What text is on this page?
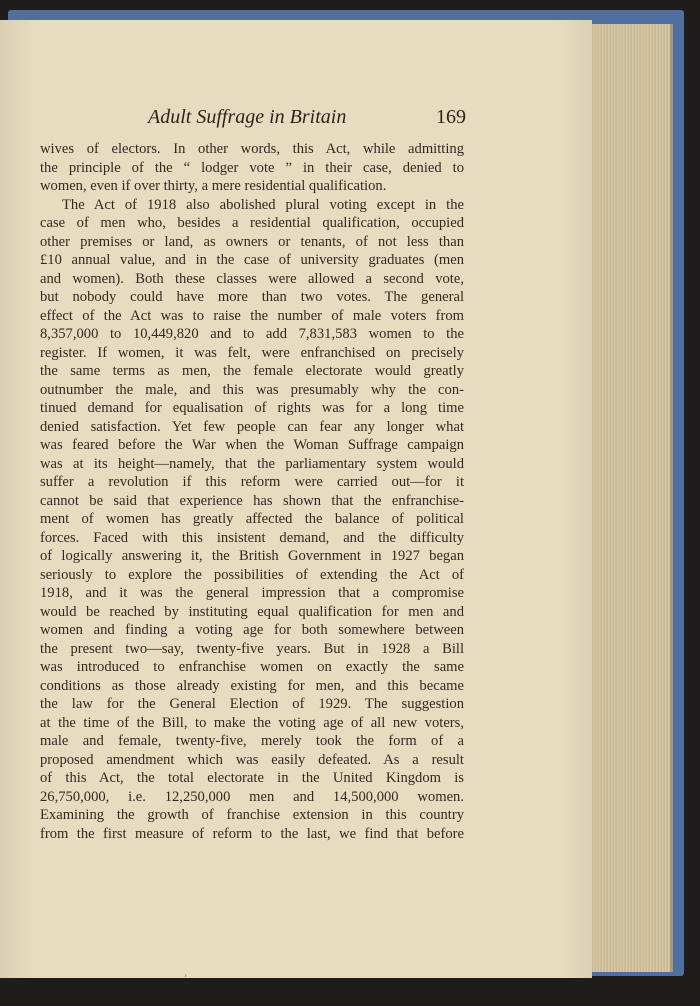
Adult Suffrage in Britain	169
wives of electors. In other words, this Act, while admitting
the principle of the “ lodger vote ” in their case, denied to
women, even if over thirty, a mere residential qualification.
The Act of 1918 also abolished plural voting except in the
case of men who, besides a residential qualification, occupied
other premises or land, as owners or tenants, of not less than
£10 annual value, and in the case of university graduates (men
and women). Both these classes were allowed a second vote,
but nobody could have more than two votes. The general
effect of the Act was to raise the number of male voters from
8,357,000 to 10,449,820 and to add 7,831,583 women to the
register. If women, it was felt, were enfranchised on precisely
the same terms as men, the female electorate would greatly
outnumber the male, and this was presumably why the con-
tinued demand for equalisation of rights was for a long time
denied satisfaction. Yet few people can fear any longer what
was feared before the War when the Woman Suffrage campaign
was at its height—namely, that the parliamentary system would
suffer a revolution if this reform were carried out—for it
cannot be said that experience has shown that the enfranchise-
ment of women has greatly affected the balance of political
forces. Faced with this insistent demand, and the difficulty
of logically answering it, the British Government in 1927 began
seriously to explore the possibilities of extending the Act of
1918, and it was the general impression that a compromise
would be reached by instituting equal qualification for men and
women and finding a voting age for both somewhere between
the present two—say, twenty-five years. But in 1928 a Bill
was introduced to enfranchise women on exactly the same
conditions as those already existing for men, and this became
the law for the General Election of 1929. The suggestion
at the time of the Bill, to make the voting age of all new voters,
male and female, twenty-five, merely took the form of a
proposed amendment which was easily defeated. As a result
of this Act, the total electorate in the United Kingdom is
26,750,000, i.e. 12,250,000 men and 14,500,000 women.
Examining the growth of franchise extension in this country
from the first measure of reform to the last, we find that before
›
